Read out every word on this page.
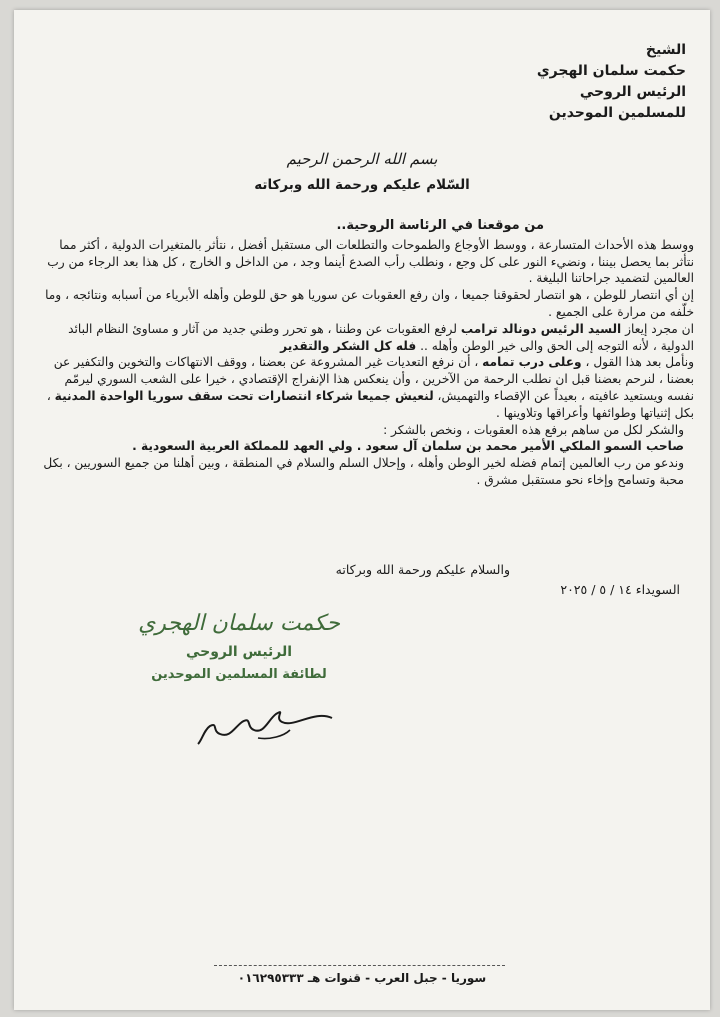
الشيخ
حكمت سلمان الهجري
الرئيس الروحي
للمسلمين الموحدين
بسم الله الرحمن الرحيم
السّلام عليكم ورحمة الله وبركاته

من موقعنا في الرئاسة الروحية..

ووسط هذه الأحداث المتسارعة ، ووسط الأوجاع والطموحات والتطلعات الى مستقبل أفضل ، نتأثر بالمتغيرات الدولية ، أكثر مما نتأثر بما يحصل بيننا ، ونضيء النور على كل وجع ، ونطلب رأب الصدع أينما وجد ، من الداخل و الخارج ، كل هذا بعد الرجاء من رب العالمين لتضميد جراحاتنا البليغة .

إن أي انتصار للوطن ، هو انتصار لحقوقنا جميعا ، وان رفع العقوبات عن سوريا هو حق للوطن وأهله الأبرياء من أسبابه ونتائجه ، وما خلّفه من مرارة على الجميع .

ان مجرد إيعاز السيد الرئيس دونالد ترامب لرفع العقوبات عن وطننا ، هو تحرر وطني جديد من آثار و مساوئ النظام البائد الدولية ، لأنه التوجه إلى الحق والى خير الوطن وأهله .. فله كل الشكر والتقدير

ونأمل بعد هذا القول ، وعلى درب تمامه ، أن نرفع التعديات غير المشروعة عن بعضنا ، ووقف الانتهاكات والتخوين والتكفير عن بعضنا ، لنرحم بعضنا قبل ان نطلب الرحمة من الآخرين ، وأن ينعكس هذا الإنفراج الإقتصادي ، خيرا على الشعب السوري ليرمّم نفسه ويستعيد عافيته ، بعيداً عن الإقصاء والتهميش، لنعيش جميعا شركاء انتصارات تحت سقف سوريا الواحدة المدنية ، بكل إثنياتها وطوائفها وأعراقها وتلاوينها .

والشكر لكل من ساهم برفع هذه العقوبات ، ونخص بالشكر :

صاحب السمو الملكي الأمير محمد بن سلمان آل سعود . ولي العهد للمملكة العربية السعودية .

وندعو من رب العالمين إتمام فضله لخير الوطن وأهله ، وإحلال السلم والسلام في المنطقة ، وبين أهلنا من جميع السوريين ، بكل محبة وتسامح وإخاء نحو مستقبل مشرق .

والسلام عليكم ورحمة الله وبركاته
السويداء ١٤ / ٥ / ٢٠٢٥
حكمت سلمان الهجري
الرئيس الروحي
لطائفة المسلمين الموحدين
سوريا - جبل العرب - قنوات هـ ٠١٦٢٩٥٣٣٣
